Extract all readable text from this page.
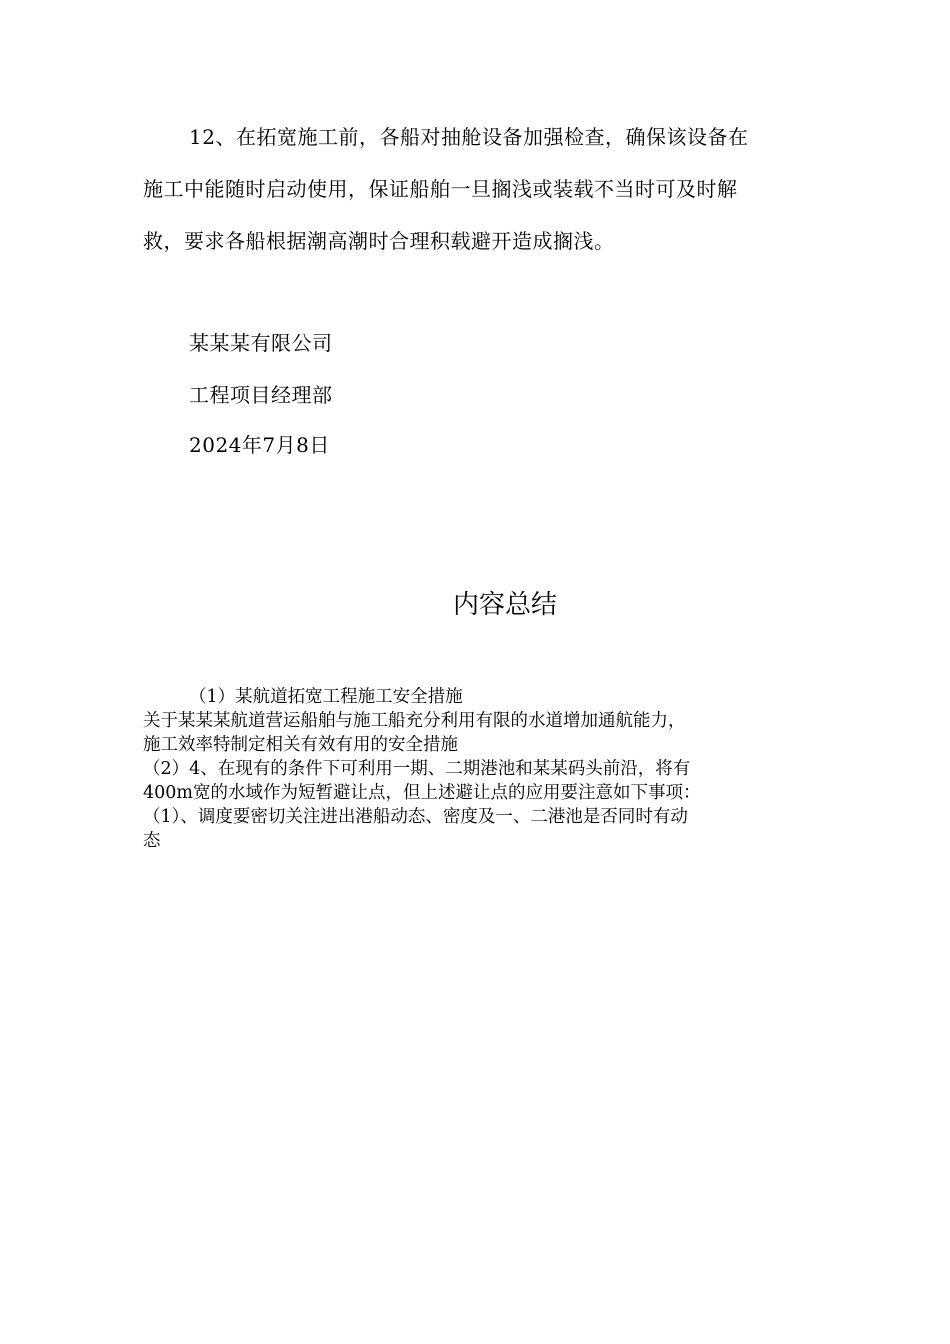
12、在拓宽施工前，各船对抽舱设备加强检查，确保该设备在
施工中能随时启动使用，保证船舶一旦搁浅或装载不当时可及时解
救，要求各船根据潮高潮时合理积载避开造成搁浅。
某某某有限公司
工程项目经理部
2024年7月8日
内容总结
（1）某航道拓宽工程施工安全措施
关于某某某航道营运船舶与施工船充分利用有限的水道增加通航能力，
施工效率特制定相关有效有用的安全措施
（2）4、在现有的条件下可利用一期、二期港池和某某码头前沿，将有
400m宽的水域作为短暂避让点，但上述避让点的应用要注意如下事项：
（1）、调度要密切关注进出港船动态、密度及一、二港池是否同时有动
态
